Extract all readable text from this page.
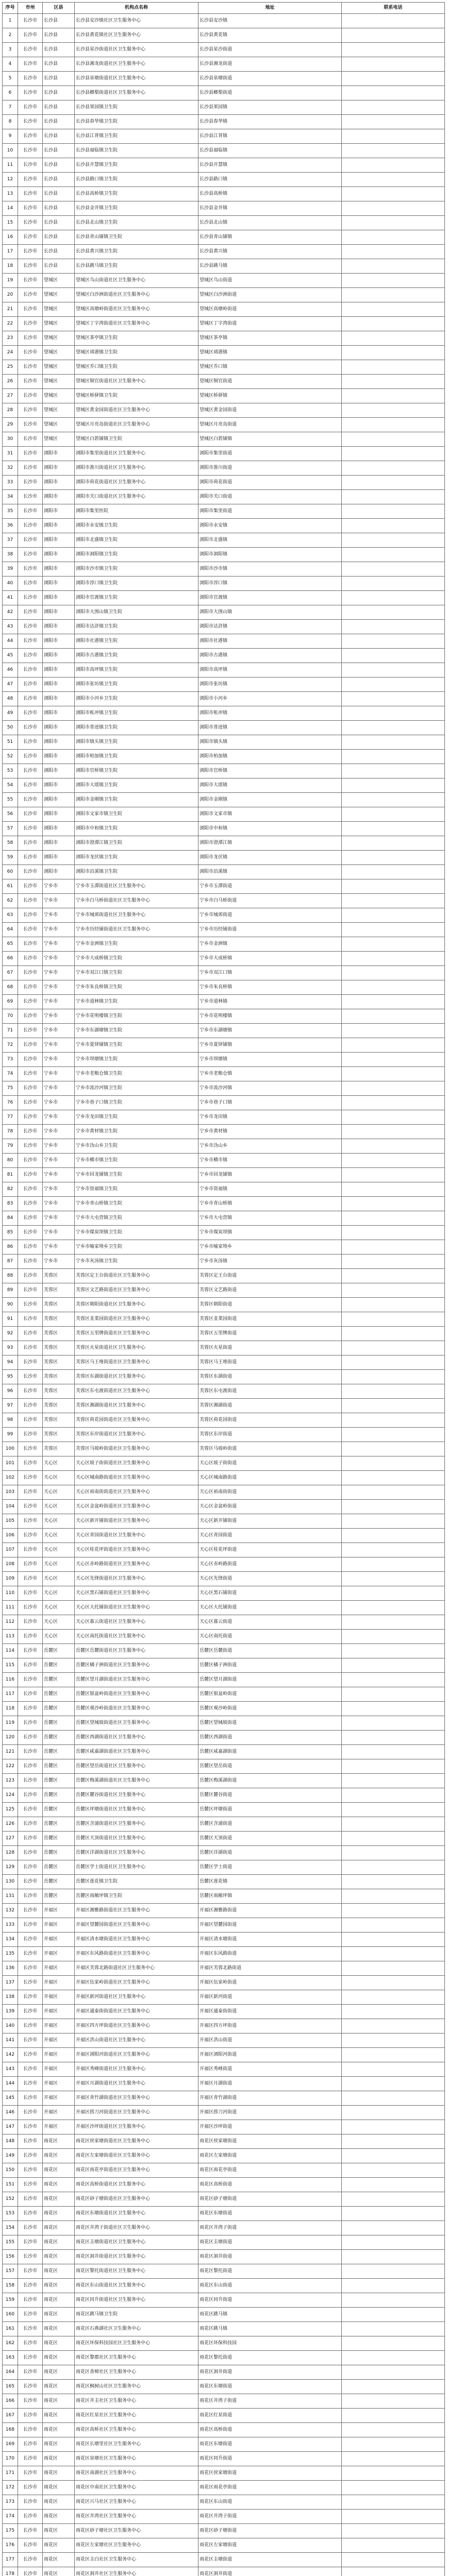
序号	市州	区县	机构点名称	地址	联系电话
1	长沙市	长沙县	长沙县安沙镇社区卫生服务中心	长沙县安沙镇	
2	长沙市	长沙县	长沙县黄花镇社区卫生服务中心	长沙县黄花镇	
3	长沙市	长沙县	长沙县星沙街道社区卫生服务中心	长沙县星沙街道	
4	长沙市	长沙县	长沙县湘龙街道社区卫生服务中心	长沙县湘龙街道	
5	长沙市	长沙县	长沙县泉塘街道社区卫生服务中心	长沙县泉塘街道	
6	长沙市	长沙县	长沙县榔梨街道社区卫生服务中心	长沙县榔梨街道	
7	长沙市	长沙县	长沙县果园镇卫生院	长沙县果园镇	
8	长沙市	长沙县	长沙县春华镇卫生院	长沙县春华镇	
9	长沙市	长沙县	长沙县江背镇卫生院	长沙县江背镇	
10	长沙市	长沙县	长沙县福临镇卫生院	长沙县福临镇	
11	长沙市	长沙县	长沙县开慧镇卫生院	长沙县开慧镇	
12	长沙市	长沙县	长沙县路口镇卫生院	长沙县路口镇	
13	长沙市	长沙县	长沙县高桥镇卫生院	长沙县高桥镇	
14	长沙市	长沙县	长沙县金井镇卫生院	长沙县金井镇	
15	长沙市	长沙县	长沙县北山镇卫生院	长沙县北山镇	
16	长沙市	长沙县	长沙县青山铺镇卫生院	长沙县青山铺镇	
17	长沙市	长沙县	长沙县黄兴镇卫生院	长沙县黄兴镇	
18	长沙市	长沙县	长沙县跳马镇卫生院	长沙县跳马镇	
19	长沙市	望城区	望城区乌山街道社区卫生服务中心	望城区乌山街道	
20	长沙市	望城区	望城区白沙洲街道社区卫生服务中心	望城区白沙洲街道	
21	长沙市	望城区	望城区高塘岭街道社区卫生服务中心	望城区高塘岭街道	
22	长沙市	望城区	望城区丁字湾街道社区卫生服务中心	望城区丁字湾街道	
23	长沙市	望城区	望城区茶亭镇卫生院	望城区茶亭镇	
24	长沙市	望城区	望城区靖港镇卫生院	望城区靖港镇	
25	长沙市	望城区	望城区乔口镇卫生院	望城区乔口镇	
26	长沙市	望城区	望城区铜官街道社区卫生服务中心	望城区铜官街道	
27	长沙市	望城区	望城区桥驿镇卫生院	望城区桥驿镇	
28	长沙市	望城区	望城区黄金园街道社区卫生服务中心	望城区黄金园街道	
29	长沙市	望城区	望城区月亮岛街道社区卫生服务中心	望城区月亮岛街道	
30	长沙市	望城区	望城区白箬铺镇卫生院	望城区白箬铺镇	
31	长沙市	浏阳市	浏阳市集里街道社区卫生服务中心	浏阳市集里街道	
32	长沙市	浏阳市	浏阳市淮川街道社区卫生服务中心	浏阳市淮川街道	
33	长沙市	浏阳市	浏阳市荷花街道社区卫生服务中心	浏阳市荷花街道	
34	长沙市	浏阳市	浏阳市关口街道社区卫生服务中心	浏阳市关口街道	
35	长沙市	浏阳市	浏阳市集里医院	浏阳市集里街道	
36	长沙市	浏阳市	浏阳市永安镇卫生院	浏阳市永安镇	
37	长沙市	浏阳市	浏阳市北盛镇卫生院	浏阳市北盛镇	
38	长沙市	浏阳市	浏阳市洞阳镇卫生院	浏阳市洞阳镇	
39	长沙市	浏阳市	浏阳市沙市镇卫生院	浏阳市沙市镇	
40	长沙市	浏阳市	浏阳市淳口镇卫生院	浏阳市淳口镇	
41	长沙市	浏阳市	浏阳市官渡镇卫生院	浏阳市官渡镇	
42	长沙市	浏阳市	浏阳市大围山镇卫生院	浏阳市大围山镇	
43	长沙市	浏阳市	浏阳市达浒镇卫生院	浏阳市达浒镇	
44	长沙市	浏阳市	浏阳市社港镇卫生院	浏阳市社港镇	
45	长沙市	浏阳市	浏阳市古港镇卫生院	浏阳市古港镇	
46	长沙市	浏阳市	浏阳市高坪镇卫生院	浏阳市高坪镇	
47	长沙市	浏阳市	浏阳市张坊镇卫生院	浏阳市张坊镇	
48	长沙市	浏阳市	浏阳市小河乡卫生院	浏阳市小河乡	
49	长沙市	浏阳市	浏阳市枨冲镇卫生院	浏阳市枨冲镇	
50	长沙市	浏阳市	浏阳市普迹镇卫生院	浏阳市普迹镇	
51	长沙市	浏阳市	浏阳市镇头镇卫生院	浏阳市镇头镇	
52	长沙市	浏阳市	浏阳市柏加镇卫生院	浏阳市柏加镇	
53	长沙市	浏阳市	浏阳市官桥镇卫生院	浏阳市官桥镇	
54	长沙市	浏阳市	浏阳市大瑶镇卫生院	浏阳市大瑶镇	
55	长沙市	浏阳市	浏阳市金刚镇卫生院	浏阳市金刚镇	
56	长沙市	浏阳市	浏阳市文家市镇卫生院	浏阳市文家市镇	
57	长沙市	浏阳市	浏阳市中和镇卫生院	浏阳市中和镇	
58	长沙市	浏阳市	浏阳市澄潭江镇卫生院	浏阳市澄潭江镇	
59	长沙市	浏阳市	浏阳市龙伏镇卫生院	浏阳市龙伏镇	
60	长沙市	浏阳市	浏阳市沿溪镇卫生院	浏阳市沿溪镇	
61	长沙市	宁乡市	宁乡市玉潭街道社区卫生服务中心	宁乡市玉潭街道	
62	长沙市	宁乡市	宁乡市白马桥街道社区卫生服务中心	宁乡市白马桥街道	
63	长沙市	宁乡市	宁乡市城郊街道社区卫生服务中心	宁乡市城郊街道	
64	长沙市	宁乡市	宁乡市历经铺街道社区卫生服务中心	宁乡市历经铺街道	
65	长沙市	宁乡市	宁乡市金洲镇卫生院	宁乡市金洲镇	
66	长沙市	宁乡市	宁乡市大成桥镇卫生院	宁乡市大成桥镇	
67	长沙市	宁乡市	宁乡市双江口镇卫生院	宁乡市双江口镇	
68	长沙市	宁乡市	宁乡市朱良桥镇卫生院	宁乡市朱良桥镇	
69	长沙市	宁乡市	宁乡市道林镇卫生院	宁乡市道林镇	
70	长沙市	宁乡市	宁乡市花明楼镇卫生院	宁乡市花明楼镇	
71	长沙市	宁乡市	宁乡市东湖塘镇卫生院	宁乡市东湖塘镇	
72	长沙市	宁乡市	宁乡市夏铎铺镇卫生院	宁乡市夏铎铺镇	
73	长沙市	宁乡市	宁乡市坝塘镇卫生院	宁乡市坝塘镇	
74	长沙市	宁乡市	宁乡市老粮仓镇卫生院	宁乡市老粮仓镇	
75	长沙市	宁乡市	宁乡市流沙河镇卫生院	宁乡市流沙河镇	
76	长沙市	宁乡市	宁乡市巷子口镇卫生院	宁乡市巷子口镇	
77	长沙市	宁乡市	宁乡市龙田镇卫生院	宁乡市龙田镇	
78	长沙市	宁乡市	宁乡市黄材镇卫生院	宁乡市黄材镇	
79	长沙市	宁乡市	宁乡市沩山乡卫生院	宁乡市沩山乡	
80	长沙市	宁乡市	宁乡市横市镇卫生院	宁乡市横市镇	
81	长沙市	宁乡市	宁乡市回龙铺镇卫生院	宁乡市回龙铺镇	
82	长沙市	宁乡市	宁乡市资福镇卫生院	宁乡市资福镇	
83	长沙市	宁乡市	宁乡市青山桥镇卫生院	宁乡市青山桥镇	
84	长沙市	宁乡市	宁乡市大屯营镇卫生院	宁乡市大屯营镇	
85	长沙市	宁乡市	宁乡市煤炭坝镇卫生院	宁乡市煤炭坝镇	
86	长沙市	宁乡市	宁乡市喻家坳乡卫生院	宁乡市喻家坳乡	
87	长沙市	宁乡市	宁乡市灰汤镇卫生院	宁乡市灰汤镇	
88	长沙市	芙蓉区	芙蓉区定王台街道社区卫生服务中心	芙蓉区定王台街道	
89	长沙市	芙蓉区	芙蓉区文艺路街道社区卫生服务中心	芙蓉区文艺路街道	
90	长沙市	芙蓉区	芙蓉区朝阳街道社区卫生服务中心	芙蓉区朝阳街道	
91	长沙市	芙蓉区	芙蓉区韭菜园街道社区卫生服务中心	芙蓉区韭菜园街道	
92	长沙市	芙蓉区	芙蓉区五里牌街道社区卫生服务中心	芙蓉区五里牌街道	
93	长沙市	芙蓉区	芙蓉区火星街道社区卫生服务中心	芙蓉区火星街道	
94	长沙市	芙蓉区	芙蓉区马王堆街道社区卫生服务中心	芙蓉区马王堆街道	
95	长沙市	芙蓉区	芙蓉区东湖街道社区卫生服务中心	芙蓉区东湖街道	
96	长沙市	芙蓉区	芙蓉区东屯渡街道社区卫生服务中心	芙蓉区东屯渡街道	
97	长沙市	芙蓉区	芙蓉区湘湖街道社区卫生服务中心	芙蓉区湘湖街道	
98	长沙市	芙蓉区	芙蓉区荷花园街道社区卫生服务中心	芙蓉区荷花园街道	
99	长沙市	芙蓉区	芙蓉区东岸街道社区卫生服务中心	芙蓉区东岸街道	
100	长沙市	芙蓉区	芙蓉区马坡岭街道社区卫生服务中心	芙蓉区马坡岭街道	
101	长沙市	天心区	天心区坡子街街道社区卫生服务中心	天心区坡子街街道	
102	长沙市	天心区	天心区城南路街道社区卫生服务中心	天心区城南路街道	
103	长沙市	天心区	天心区裕南街街道社区卫生服务中心	天心区裕南街街道	
104	长沙市	天心区	天心区金盆岭街道社区卫生服务中心	天心区金盆岭街道	
105	长沙市	天心区	天心区新开铺街道社区卫生服务中心	天心区新开铺街道	
106	长沙市	天心区	天心区青园街道社区卫生服务中心	天心区青园街道	
107	长沙市	天心区	天心区桂花坪街道社区卫生服务中心	天心区桂花坪街道	
108	长沙市	天心区	天心区赤岭路街道社区卫生服务中心	天心区赤岭路街道	
109	长沙市	天心区	天心区先锋街道社区卫生服务中心	天心区先锋街道	
110	长沙市	天心区	天心区黑石铺街道社区卫生服务中心	天心区黑石铺街道	
111	长沙市	天心区	天心区大托铺街道社区卫生服务中心	天心区大托铺街道	
112	长沙市	天心区	天心区暮云街道社区卫生服务中心	天心区暮云街道	
113	长沙市	天心区	天心区南托街道社区卫生服务中心	天心区南托街道	
114	长沙市	岳麓区	岳麓区岳麓街道社区卫生服务中心	岳麓区岳麓街道	
115	长沙市	岳麓区	岳麓区橘子洲街道社区卫生服务中心	岳麓区橘子洲街道	
116	长沙市	岳麓区	岳麓区望月湖街道社区卫生服务中心	岳麓区望月湖街道	
117	长沙市	岳麓区	岳麓区银盆岭街道社区卫生服务中心	岳麓区银盆岭街道	
118	长沙市	岳麓区	岳麓区观沙岭街道社区卫生服务中心	岳麓区观沙岭街道	
119	长沙市	岳麓区	岳麓区望城坡街道社区卫生服务中心	岳麓区望城坡街道	
120	长沙市	岳麓区	岳麓区西湖街道社区卫生服务中心	岳麓区西湖街道	
121	长沙市	岳麓区	岳麓区咸嘉湖街道社区卫生服务中心	岳麓区咸嘉湖街道	
122	长沙市	岳麓区	岳麓区望岳街道社区卫生服务中心	岳麓区望岳街道	
123	长沙市	岳麓区	岳麓区梅溪湖街道社区卫生服务中心	岳麓区梅溪湖街道	
124	长沙市	岳麓区	岳麓区麓谷街道社区卫生服务中心	岳麓区麓谷街道	
125	长沙市	岳麓区	岳麓区坪塘街道社区卫生服务中心	岳麓区坪塘街道	
126	长沙市	岳麓区	岳麓区含浦街道社区卫生服务中心	岳麓区含浦街道	
127	长沙市	岳麓区	岳麓区天顶街道社区卫生服务中心	岳麓区天顶街道	
128	长沙市	岳麓区	岳麓区洋湖街道社区卫生服务中心	岳麓区洋湖街道	
129	长沙市	岳麓区	岳麓区学士街道社区卫生服务中心	岳麓区学士街道	
130	长沙市	岳麓区	岳麓区莲花镇卫生院	岳麓区莲花镇	
131	长沙市	岳麓区	岳麓区雨敞坪镇卫生院	岳麓区雨敞坪镇	
132	长沙市	开福区	开福区湘雅路街道社区卫生服务中心	开福区湘雅路街道	
133	长沙市	开福区	开福区望麓园街道社区卫生服务中心	开福区望麓园街道	
134	长沙市	开福区	开福区清水塘街道社区卫生服务中心	开福区清水塘街道	
135	长沙市	开福区	开福区东风路街道社区卫生服务中心	开福区东风路街道	
136	长沙市	开福区	开福区芙蓉北路街道社区卫生服务中心	开福区芙蓉北路街道	
137	长沙市	开福区	开福区伍家岭街道社区卫生服务中心	开福区伍家岭街道	
138	长沙市	开福区	开福区新河街道社区卫生服务中心	开福区新河街道	
139	长沙市	开福区	开福区通泰街街道社区卫生服务中心	开福区通泰街街道	
140	长沙市	开福区	开福区四方坪街道社区卫生服务中心	开福区四方坪街道	
141	长沙市	开福区	开福区洪山街道社区卫生服务中心	开福区洪山街道	
142	长沙市	开福区	开福区浏阳河街道社区卫生服务中心	开福区浏阳河街道	
143	长沙市	开福区	开福区秀峰街道社区卫生服务中心	开福区秀峰街道	
144	长沙市	开福区	开福区月湖街道社区卫生服务中心	开福区月湖街道	
145	长沙市	开福区	开福区青竹湖街道社区卫生服务中心	开福区青竹湖街道	
146	长沙市	开福区	开福区捞刀河街道社区卫生服务中心	开福区捞刀河街道	
147	长沙市	开福区	开福区沙坪街道社区卫生服务中心	开福区沙坪街道	
148	长沙市	雨花区	雨花区侯家塘街道社区卫生服务中心	雨花区侯家塘街道	
149	长沙市	雨花区	雨花区左家塘街道社区卫生服务中心	雨花区左家塘街道	
150	长沙市	雨花区	雨花区雨花亭街道社区卫生服务中心	雨花区雨花亭街道	
151	长沙市	雨花区	雨花区高桥街道社区卫生服务中心	雨花区高桥街道	
152	长沙市	雨花区	雨花区砂子塘街道社区卫生服务中心	雨花区砂子塘街道	
153	长沙市	雨花区	雨花区东塘街道社区卫生服务中心	雨花区东塘街道	
154	长沙市	雨花区	雨花区井湾子街道社区卫生服务中心	雨花区井湾子街道	
155	长沙市	雨花区	雨花区圭塘街道社区卫生服务中心	雨花区圭塘街道	
156	长沙市	雨花区	雨花区洞井街道社区卫生服务中心	雨花区洞井街道	
157	长沙市	雨花区	雨花区黎托街道社区卫生服务中心	雨花区黎托街道	
158	长沙市	雨花区	雨花区东山街道社区卫生服务中心	雨花区东山街道	
159	长沙市	雨花区	雨花区同升街道社区卫生服务中心	雨花区同升街道	
160	长沙市	雨花区	雨花区跳马镇卫生院	雨花区跳马镇	
161	长沙市	雨花区	雨花区石燕湖社区卫生服务中心	雨花区跳马镇	
162	长沙市	雨花区	雨花区环保科技园社区卫生服务中心	雨花区环保科技园	
163	长沙市	雨花区	雨花区黎郡社区卫生服务中心	雨花区黎托街道	
164	长沙市	雨花区	雨花区香樟社区卫生服务中心	雨花区洞井街道	
165	长沙市	雨花区	雨花区枫树山社区卫生服务中心	雨花区东塘街道	
166	长沙市	雨花区	雨花区井圭社区卫生服务中心	雨花区井湾子街道	
167	长沙市	雨花区	雨花区红星社区卫生服务中心	雨花区红星街道	
168	长沙市	雨花区	雨花区高桥社区卫生服务中心	雨花区高桥街道	
169	长沙市	雨花区	雨花区长塘里社区卫生服务中心	雨花区东塘街道	
170	长沙市	雨花区	雨花区泉塘社区卫生服务中心	雨花区同升街道	
171	长沙市	雨花区	雨花区南湖社区卫生服务中心	雨花区侯家塘街道	
172	长沙市	雨花区	雨花区中南社区卫生服务中心	雨花区雨花亭街道	
173	长沙市	雨花区	雨花区兴马社区卫生服务中心	雨花区东山街道	
174	长沙市	雨花区	雨花区井湾社区卫生服务中心	雨花区井湾子街道	
175	长沙市	雨花区	雨花区砂子塘社区卫生服务中心	雨花区砂子塘街道	
176	长沙市	雨花区	雨花区左家塘社区卫生服务中心	雨花区左家塘街道	
177	长沙市	雨花区	雨花区圭白社区卫生服务中心	雨花区圭塘街道	
178	长沙市	雨花区	雨花区洞井社区卫生服务中心	雨花区洞井街道	
